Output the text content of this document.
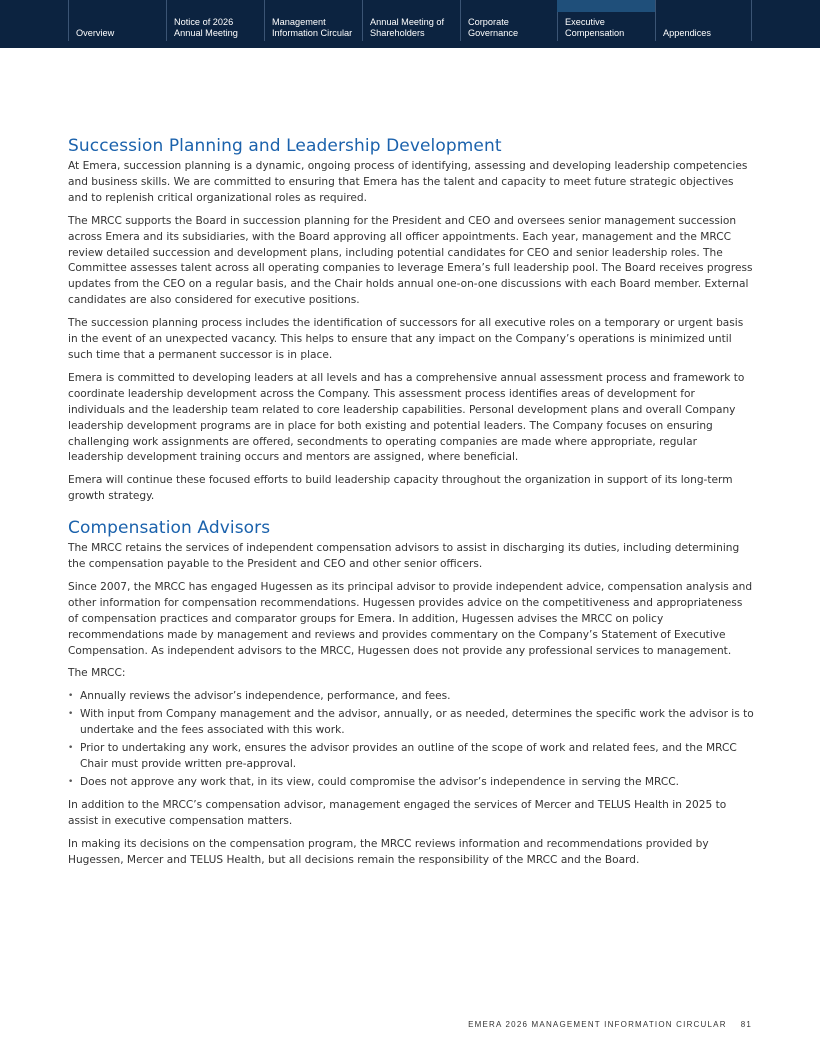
Overview
Notice of 2026
Annual Meeting
Management
Information Circular
Annual Meeting of
Shareholders
Corporate
Governance
Executive
Compensation	Appendices
Succession Planning and Leadership Development

At Emera, succession planning is a dynamic, ongoing process of identifying, assessing and developing leadership competencies and business skills. We are committed to ensuring that Emera has the talent and capacity to meet future strategic objectives and to replenish critical organizational roles as required.

The MRCC supports the Board in succession planning for the President and CEO and oversees senior management succession across Emera and its subsidiaries, with the Board approving all officer appointments. Each year, management and the MRCC review detailed succession and development plans, including potential candidates for CEO and senior leadership roles. The Committee assesses talent across all operating companies to leverage Emera’s full leadership pool. The Board receives progress updates from the CEO on a regular basis, and the Chair holds annual one-on-one discussions with each Board member. External candidates are also considered for executive positions.

The succession planning process includes the identification of successors for all executive roles on a temporary or urgent basis in the event of an unexpected vacancy. This helps to ensure that any impact on the Company’s operations is minimized until such time that a permanent successor is in place.

Emera is committed to developing leaders at all levels and has a comprehensive annual assessment process and framework to coordinate leadership development across the Company. This assessment process identifies areas of development for individuals and the leadership team related to core leadership capabilities. Personal development plans and overall Company leadership development programs are in place for both existing and potential leaders. The Company focuses on ensuring challenging work assignments are offered, secondments to operating companies are made where appropriate, regular leadership development training occurs and mentors are assigned, where beneficial.

Emera will continue these focused efforts to build leadership capacity throughout the organization in support of its long-term growth strategy.

Compensation Advisors

The MRCC retains the services of independent compensation advisors to assist in discharging its duties, including determining the compensation payable to the President and CEO and other senior officers.

Since 2007, the MRCC has engaged Hugessen as its principal advisor to provide independent advice, compensation analysis and other information for compensation recommendations. Hugessen provides advice on the competitiveness and appropriateness of compensation practices and comparator groups for Emera. In addition, Hugessen advises the MRCC on policy recommendations made by management and reviews and provides commentary on the Company’s Statement of Executive Compensation. As independent advisors to the MRCC, Hugessen does not provide any professional services to management.

The MRCC:

• Annually reviews the advisor’s independence, performance, and fees.
• With input from Company management and the advisor, annually, or as needed, determines the specific work the advisor is to undertake and the fees associated with this work.
• Prior to undertaking any work, ensures the advisor provides an outline of the scope of work and related fees, and the MRCC Chair must provide written pre-approval.
• Does not approve any work that, in its view, could compromise the advisor’s independence in serving the MRCC.

In addition to the MRCC’s compensation advisor, management engaged the services of Mercer and TELUS Health in 2025 to assist in executive compensation matters.

In making its decisions on the compensation program, the MRCC reviews information and recommendations provided by Hugessen, Mercer and TELUS Health, but all decisions remain the responsibility of the MRCC and the Board.

EMERA 2026 MANAGEMENT INFORMATION CIRCULAR 81
